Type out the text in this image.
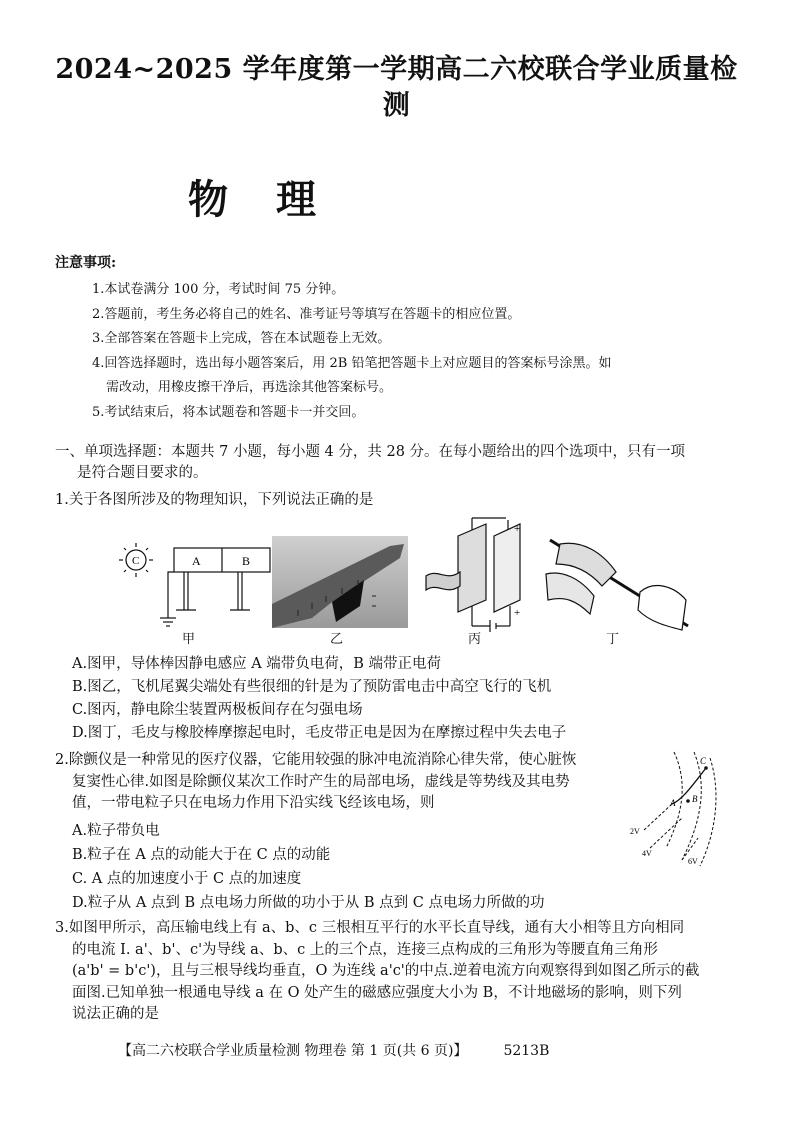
2024~2025 学年度第一学期高二六校联合学业质量检
测
物理
注意事项:
1.本试卷满分 100 分，考试时间 75 分钟。
2.答题前，考生务必将自己的姓名、准考证号等填写在答题卡的相应位置。
3.全部答案在答题卡上完成，答在本试题卷上无效。
4.回答选择题时，选出每小题答案后，用 2B 铅笔把答题卡上对应题目的答案标号涂黑。如
需改动，用橡皮擦干净后，再选涂其他答案标号。
5.考试结束后，将本试题卷和答题卡一并交回。
一、单项选择题：本题共 7 小题，每小题 4 分，共 28 分。在每小题给出的四个选项中，只有一项
是符合题目要求的。
1.关于各图所涉及的物理知识，下列说法正确的是
C	A	B
+
+
甲	乙	丙	丁
A.图甲，导体棒因静电感应 A 端带负电荷，B 端带正电荷
B.图乙，飞机尾翼尖端处有些很细的针是为了预防雷电击中高空飞行的飞机
C.图丙，静电除尘装置两极板间存在匀强电场
D.图丁，毛皮与橡胶棒摩擦起电时，毛皮带正电是因为在摩擦过程中失去电子
2.除颤仪是一种常见的医疗仪器，它能用较强的脉冲电流消除心律失常，使心脏恢
复窦性心律.如图是除颤仪某次工作时产生的局部电场，虚线是等势线及其电势
值，一带电粒子只在电场力作用下沿实线飞经该电场，则	A B
C
2V
4V
6V
A.粒子带负电
B.粒子在 A 点的动能大于在 C 点的动能
C. A 点的加速度小于 C 点的加速度
D.粒子从 A 点到 B 点电场力所做的功小于从 B 点到 C 点电场力所做的功
3.如图甲所示，高压输电线上有 a、b、c 三根相互平行的水平长直导线，通有大小相等且方向相同
的电流 I. a'、b'、c'为导线 a、b、c 上的三个点，连接三点构成的三角形为等腰直角三角形
(a'b' = b'c')，且与三根导线均垂直，O 为连线 a'c'的中点.逆着电流方向观察得到如图乙所示的截
面图.已知单独一根通电导线 a 在 O 处产生的磁感应强度大小为 B，不计地磁场的影响，则下列
说法正确的是
【高二六校联合学业质量检测 物理卷 第 1 页(共 6 页)】	5213B
